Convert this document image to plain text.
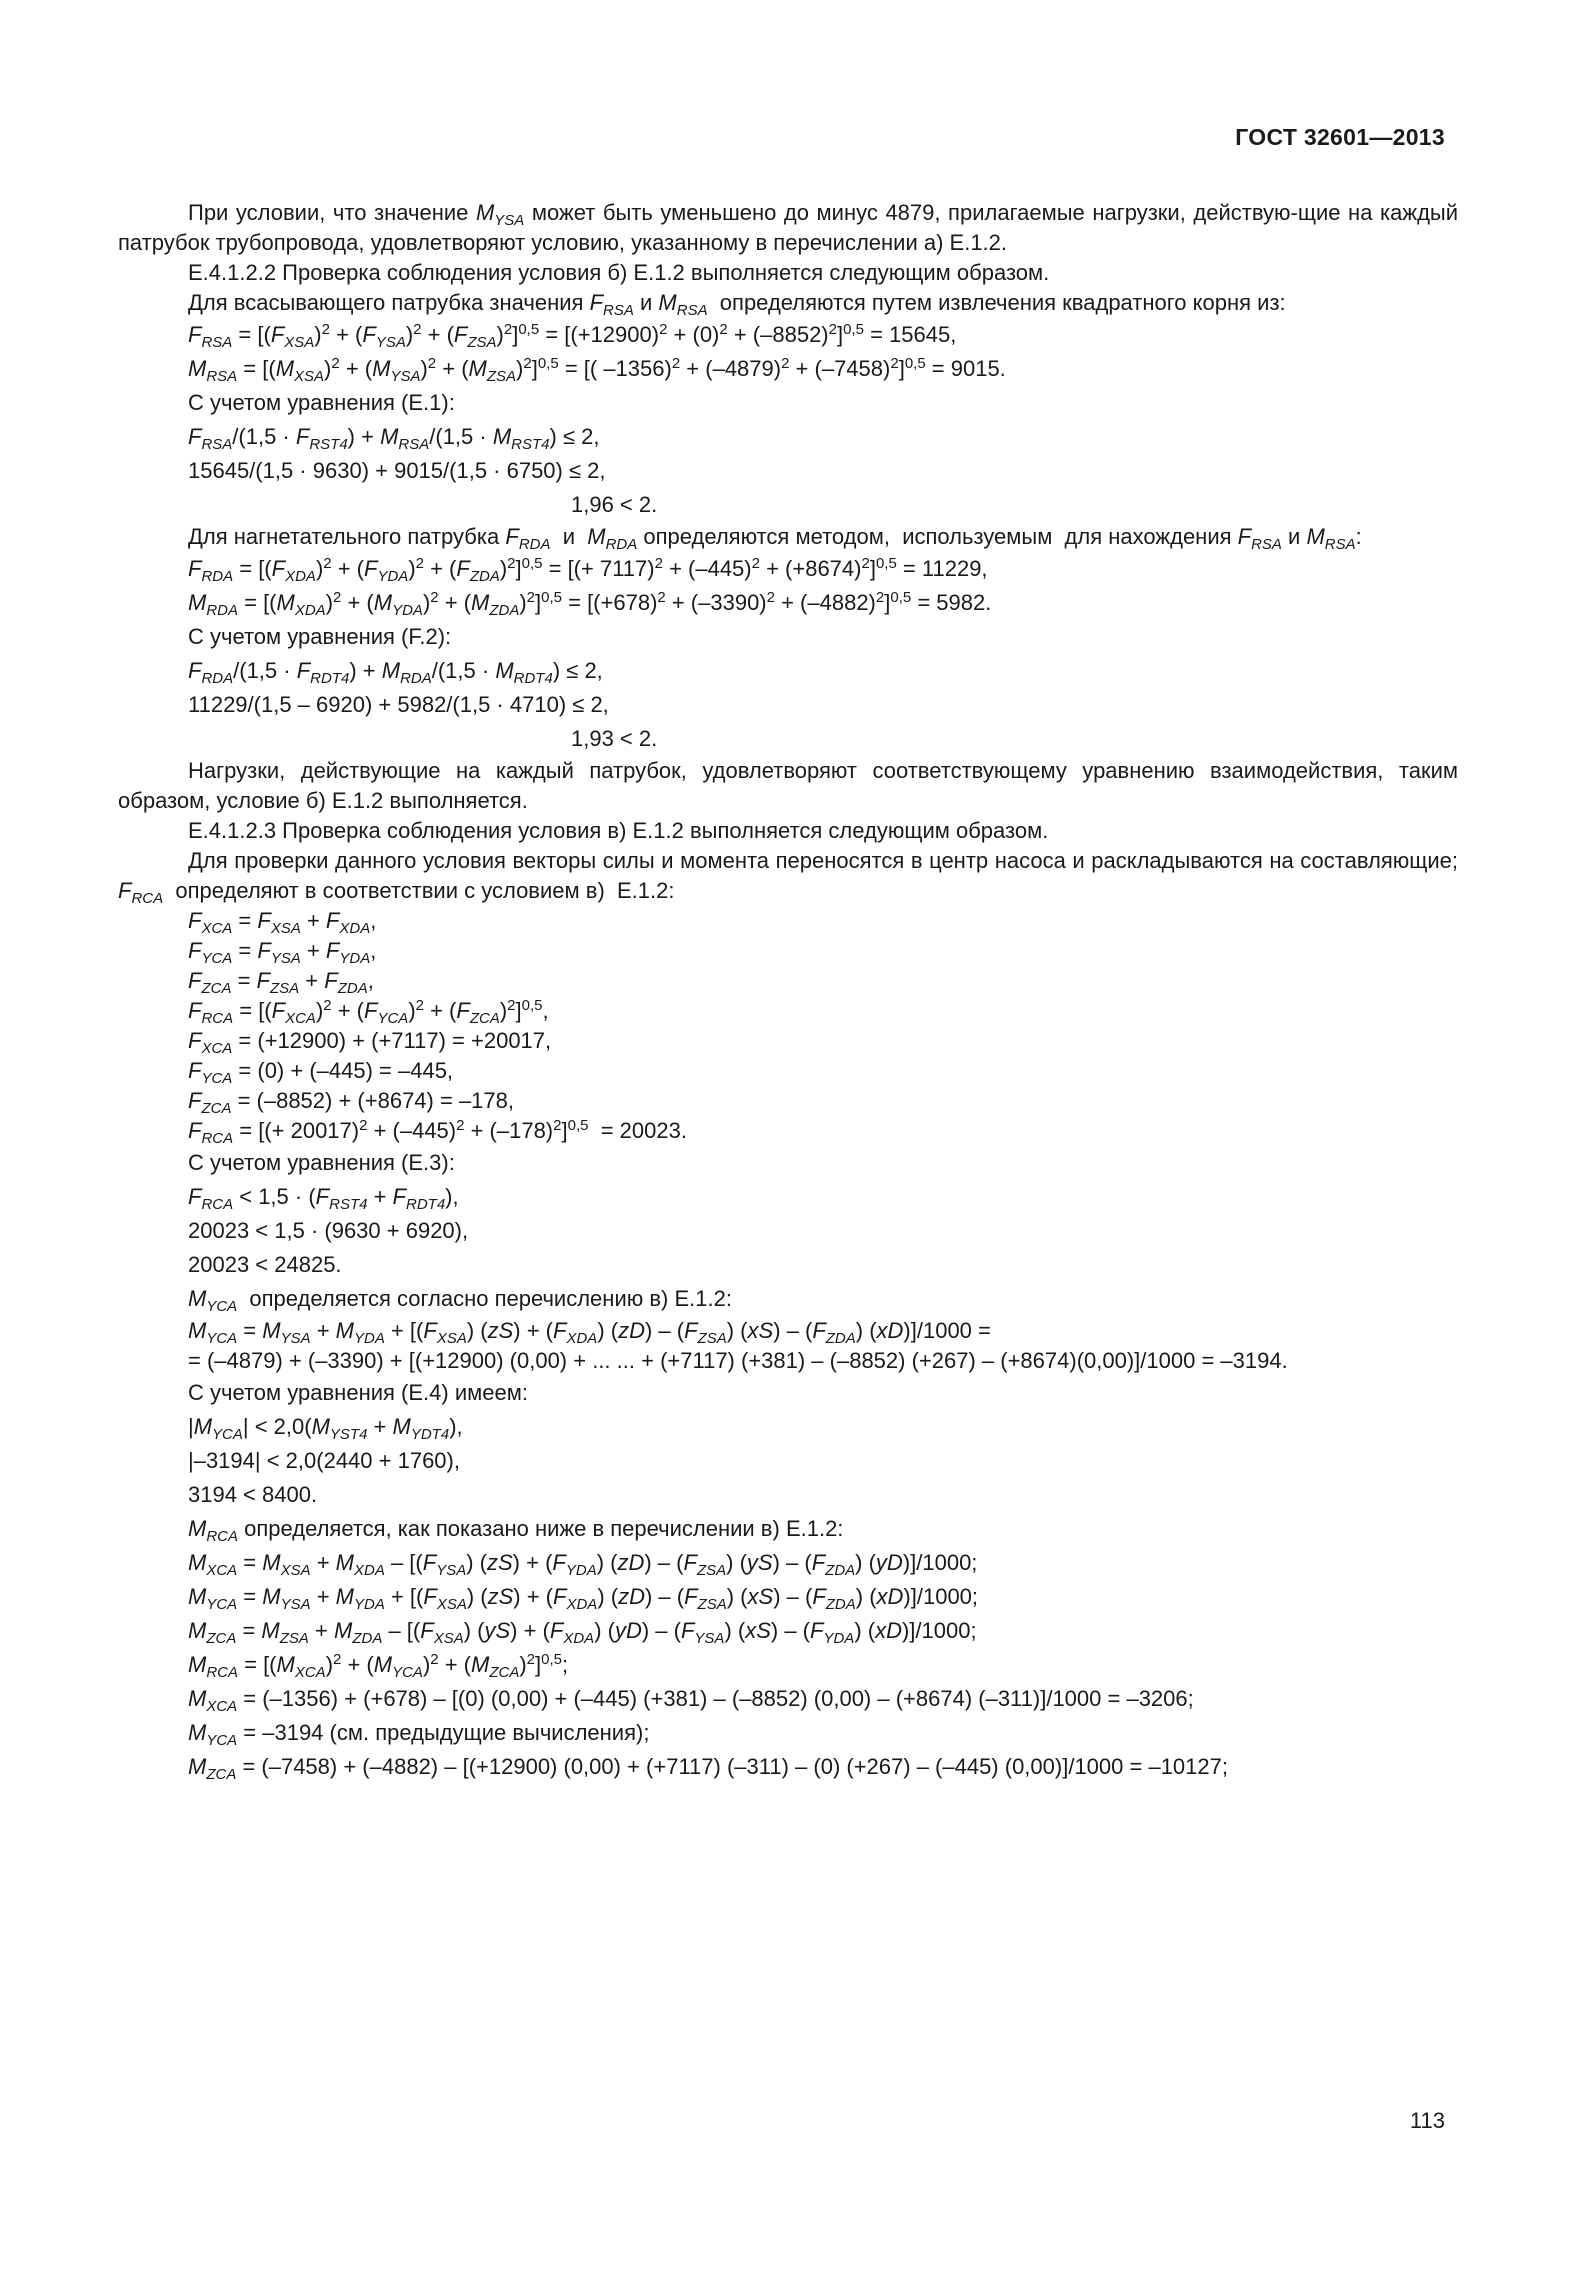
ГОСТ 32601—2013

При условии, что значение $M_{YSA}$ может быть уменьшено до минус 4879, прилагаемые нагрузки, действую-щие на каждый патрубок трубопровода, удовлетворяют условию, указанному в перечислении а) Е.1.2.

Е.4.1.2.2 Проверка соблюдения условия б) Е.1.2 выполняется следующим образом.

Для всасывающего патрубка значения $F_{RSA}$ и $M_{RSA}$  определяются путем извлечения квадратного корня из:

$F_{RSA} = [(F_{XSA})^2 + (F_{YSA})^2 + (F_{ZSA})^2]^{0,5} = [(+12900)^2 + (0)^2 + (-8852)^2]^{0,5} = 15645$,

$M_{RSA} = [(M_{XSA})^2 + (M_{YSA})^2 + (M_{ZSA})^2]^{0,5}$ = [( $-1356)^2 + (-4879)^2 + (-7458)^2]^{0,5} = 9015$.

С учетом уравнения (Е.1):

$F_{RSA}/(1,5 \cdot F_{RST4}) + M_{RSA}/(1,5 \cdot M_{RST4}) \le 2$,

15645/(1,5 · 9630) + 9015/(1,5 · 6750) ≤ 2,

1,96 < 2.

Для нагнетательного патрубка $F_{RDA}$  и  $M_{RDA}$ определяются методом,  используемым  для нахождения $F_{RSA}$ и $M_{RSA}$:

$F_{RDA} = [(F_{XDA})^2 + (F_{YDA})^2 + (F_{ZDA})^2]^{0,5}$ = [(+ $7117)^2 + (-445)^2 + (+8674)^2]^{0,5} = 11229$,

$M_{RDA} = [(M_{XDA})^2 + (M_{YDA})^2 + (M_{ZDA})^2]^{0,5} = [(+678)^2 + (-3390)^2 + (-4882)^2]^{0,5} = 5982$.

С учетом уравнения (F.2):

$F_{RDA}/(1,5 \cdot F_{RDT4}) + M_{RDA}/(1,5 \cdot M_{RDT4}) \le 2$,

11229/(1,5 – 6920) + 5982/(1,5 · 4710) ≤ 2,

1,93 < 2.

Нагрузки, действующие на каждый патрубок, удовлетворяют соответствующему уравнению взаимодействия, таким образом, условие б) Е.1.2 выполняется.

Е.4.1.2.3 Проверка соблюдения условия в) Е.1.2 выполняется следующим образом.

Для проверки данного условия векторы силы и момента переносятся в центр насоса и раскладываются на составляющие; $F_{RCA}$  определяют в соответствии с условием в)  Е.1.2:

$F_{XCA} = F_{XSA} + F_{XDA}$,

$F_{YCA} = F_{YSA} + F_{YDA}$,

$F_{ZCA} = F_{ZSA} + F_{ZDA}$,

$F_{RCA} = [(F_{XCA})^2 + (F_{YCA})^2 + (F_{ZCA})^2]^{0,5}$,

$F_{XCA} = (+12900) + (+7117) = +20017$,

$F_{YCA} = (0) + (-445) = -445$,

$F_{ZCA} = (-8852) + (+8674) = -178$,

$F_{RCA}$ = [(+ $20017)^2 + (-445)^2 + (-178)^2]^{0,5} = 20023$.

С учетом уравнения (Е.3):

$F_{RCA} < 1,5 \cdot (F_{RST4} + F_{RDT4})$,

20023 < 1,5 · (9630 + 6920),

20023 < 24825.

$M_{YCA}$  определяется согласно перечислению в) Е.1.2:

$M_{YCA} = M_{YSA} + M_{YDA} + [(F_{XSA}) (zS) + (F_{XDA})$ $(zD) - (F_{ZSA})$ $(xS) - (F_{ZDA}) (xD)]/1000$ =

= (–4879) + (–3390) + [(+12900) (0,00) + ... ... + (+7117) (+381) – (–8852) (+267) – (+8674)(0,00)]/1000 = –3194.

С учетом уравнения (Е.4) имеем:

$|M_{YCA}| < 2,0(M_{YST4} + M_{YDT4})$,

|–3194| < 2,0(2440 + 1760),

3194 < 8400.

$M_{RCA}$ определяется, как показано ниже в перечислении в) Е.1.2:

$M_{XCA} = M_{XSA} + M_{XDA} - [(F_{YSA}) (zS) + (F_{YDA})$ $(zD) - (F_{ZSA})$ $(yS) - (F_{ZDA})$ (yD)]/1000;

$M_{YCA} = M_{YSA} + M_{YDA} + [(F_{XSA}) (zS) + (F_{XDA})$ $(zD) - (F_{ZSA})$ $(xS) - (F_{ZDA})$ (xD)]/1000;

$M_{ZCA} = M_{ZSA} + M_{ZDA} - [(F_{XSA}) (yS) + (F_{XDA})$ $(yD) - (F_{YSA})$ $(xS) - (F_{YDA})$ (xD)]/1000;

$M_{RCA} = [(M_{XCA})^2 + (M_{YCA})^2 + (M_{ZCA})^2]^{0,5}$;

$M_{XCA} = (-1356) + (+678) - [(0) (0,00) + (-445)$ (+381) – (–8852) (0,00) – (+8674) (–311)]/1000 = –3206;

$M_{YCA} = -3194$ (см. предыдущие вычисления);

$M_{ZCA} = (-7458) + (-4882) - [(+12900) (0,00) + (+7117)$ (–311) – (0) (+267) – (–445) (0,00)]/1000 = –10127;

113
